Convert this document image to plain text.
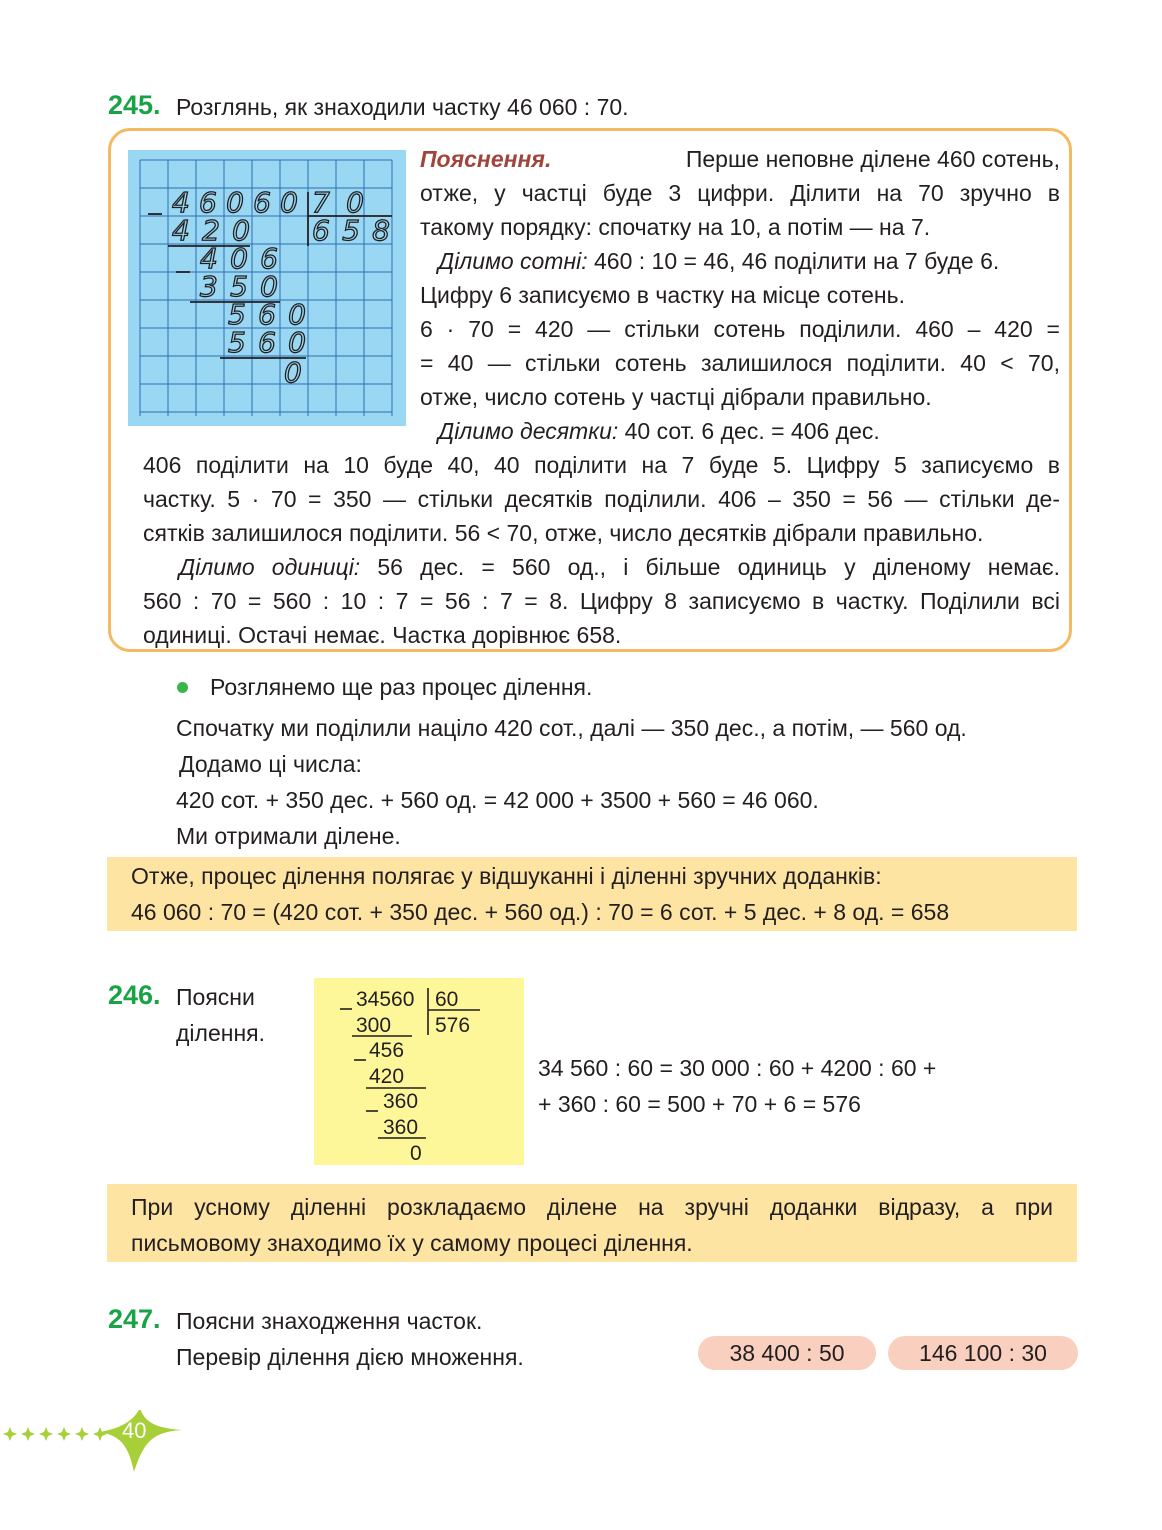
245. Розглянь, як знаходили частку 46 060 : 70.
46060 70
658
420
406
350
560
560
0
Пояснення.	Перше неповне ділене 460 сотень,
отже, у частці буде 3 цифри. Ділити на 70 зручно в
такому порядку: спочатку на 10, а потім — на 7.
Ділимо сотні: 460 : 10 = 46, 46 поділити на 7 буде 6.
Цифру 6 записуємо в частку на місце сотень.
6 · 70 = 420 — стільки сотень поділили. 460 – 420 =
= 40 — стільки сотень залишилося поділити. 40 < 70,
отже, число сотень у частці дібрали правильно.
Ділимо десятки: 40 сот. 6 дес. = 406 дес.
406 поділити на 10 буде 40, 40 поділити на 7 буде 5. Цифру 5 записуємо в
частку. 5 · 70 = 350 — стільки десятків поділили. 406 – 350 = 56 — стільки де-
сятків залишилося поділити. 56 < 70, отже, число десятків дібрали правильно.
Ділимо одиниці: 56 дес. = 560 од., і більше одиниць у діленому немає.
560 : 70 = 560 : 10 : 7 = 56 : 7 = 8. Цифру 8 записуємо в частку. Поділили всі
одиниці. Остачі немає. Частка дорівнює 658.
Розглянемо ще раз процес ділення.
Спочатку ми поділили націло 420 сот., далі — 350 дес., а потім, — 560 од.
Додамо ці числа:
420 сот. + 350 дес. + 560 од. = 42 000 + 3500 + 560 = 46 060.
Ми отримали ділене.
Отже, процес ділення полягає у відшуканні і діленні зручних доданків:
46 060 : 70 = (420 сот. + 350 дес. + 560 од.) : 70 = 6 сот. + 5 дес. + 8 од. = 658
246. Поясни
ділення.
34560 60
576
300
456
420
360
360
0
34 560 : 60 = 30 000 : 60 + 4200 : 60 +
+ 360 : 60 = 500 + 70 + 6 = 576
При усному діленні розкладаємо ділене на зручні доданки відразу, а при
письмовому знаходимо їх у самому процесі ділення.
247. Поясни знаходження часток.
Перевір ділення дією множення.	38 400 : 50	146 100 : 30
40
